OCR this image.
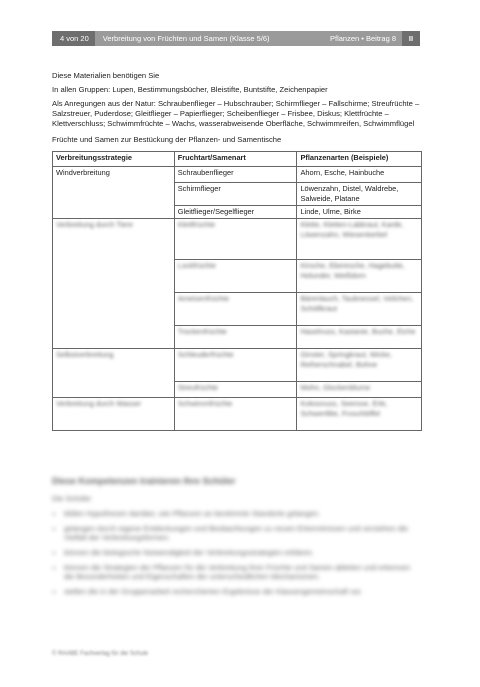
4 von 20	Verbreitung von Früchten und Samen (Klasse 5/6)	Pflanzen • Beitrag 8	II

Diese Materialien benötigen Sie

In allen Gruppen: Lupen, Bestimmungsbücher, Bleistifte, Buntstifte, Zeichenpapier

Als Anregungen aus der Natur: Schraubenflieger – Hubschrauber; Schirmflieger – Fallschirme; Streufrüchte – Salzstreuer, Puderdose; Gleitflieger – Papierflieger; Scheibenflieger – Frisbee, Diskus; Klettfrüchte – Klettverschluss; Schwimmfrüchte – Wachs, wasserabweisende Oberfläche, Schwimmreifen, Schwimmflügel

Früchte und Samen zur Bestückung der Pflanzen- und Samentische

Verbreitungsstrategie	Fruchtart/Samenart	Pflanzenarten (Beispiele)
Windverbreitung	Schraubenflieger	Ahorn, Esche, Hainbuche
	Schirmflieger	Löwenzahn, Distel, Waldrebe, Salweide, Platane
	Gleitflieger/Segelflieger	Linde, Ulme, Birke
Verbreitung durch Tiere	Klettfrüchte	Klette, Kletten-Labkraut, Karde, Löwenzahn, Wiesenkerbel
	Lockfrüchte	Kirsche, Eberesche, Hagebutte, Holunder, Weißdorn
	Ameisenfrüchte	Bärenlauch, Taubnessel, Veilchen, Schöllkraut
	Trockenfrüchte	Haselnuss, Kastanie, Buche, Eiche
Selbstverbreitung	Schleuderfrüchte	Ginster, Springkraut, Wicke, Reiherschnabel, Bohne
	Streufrüchte	Mohn, Glockenblume
Verbreitung durch Wasser	Schwimmfrüchte	Kokosnuss, Seerose, Erle, Schwertlilie, Froschlöffel
Diese Kompetenzen trainieren Ihre Schüler

Die Schüler

• bilden Hypothesen darüber, wie Pflanzen an bestimmte Standorte gelangen.
• gelangen durch eigene Entdeckungen und Beobachtungen zu neuen Erkenntnissen und verstehen die Vielfalt der Verbreitungsformen.
• können die biologische Notwendigkeit der Verbreitungsstrategien erklären.
• können die Strategien der Pflanzen für die Verbreitung ihrer Früchte und Samen ableiten und erkennen die Besonderheiten und Eigenschaften der unterschiedlichen Mechanismen.
• stellen die in der Gruppenarbeit recherchierten Ergebnisse der Klassengemeinschaft vor.
© RAABE Fachverlag für die Schule
